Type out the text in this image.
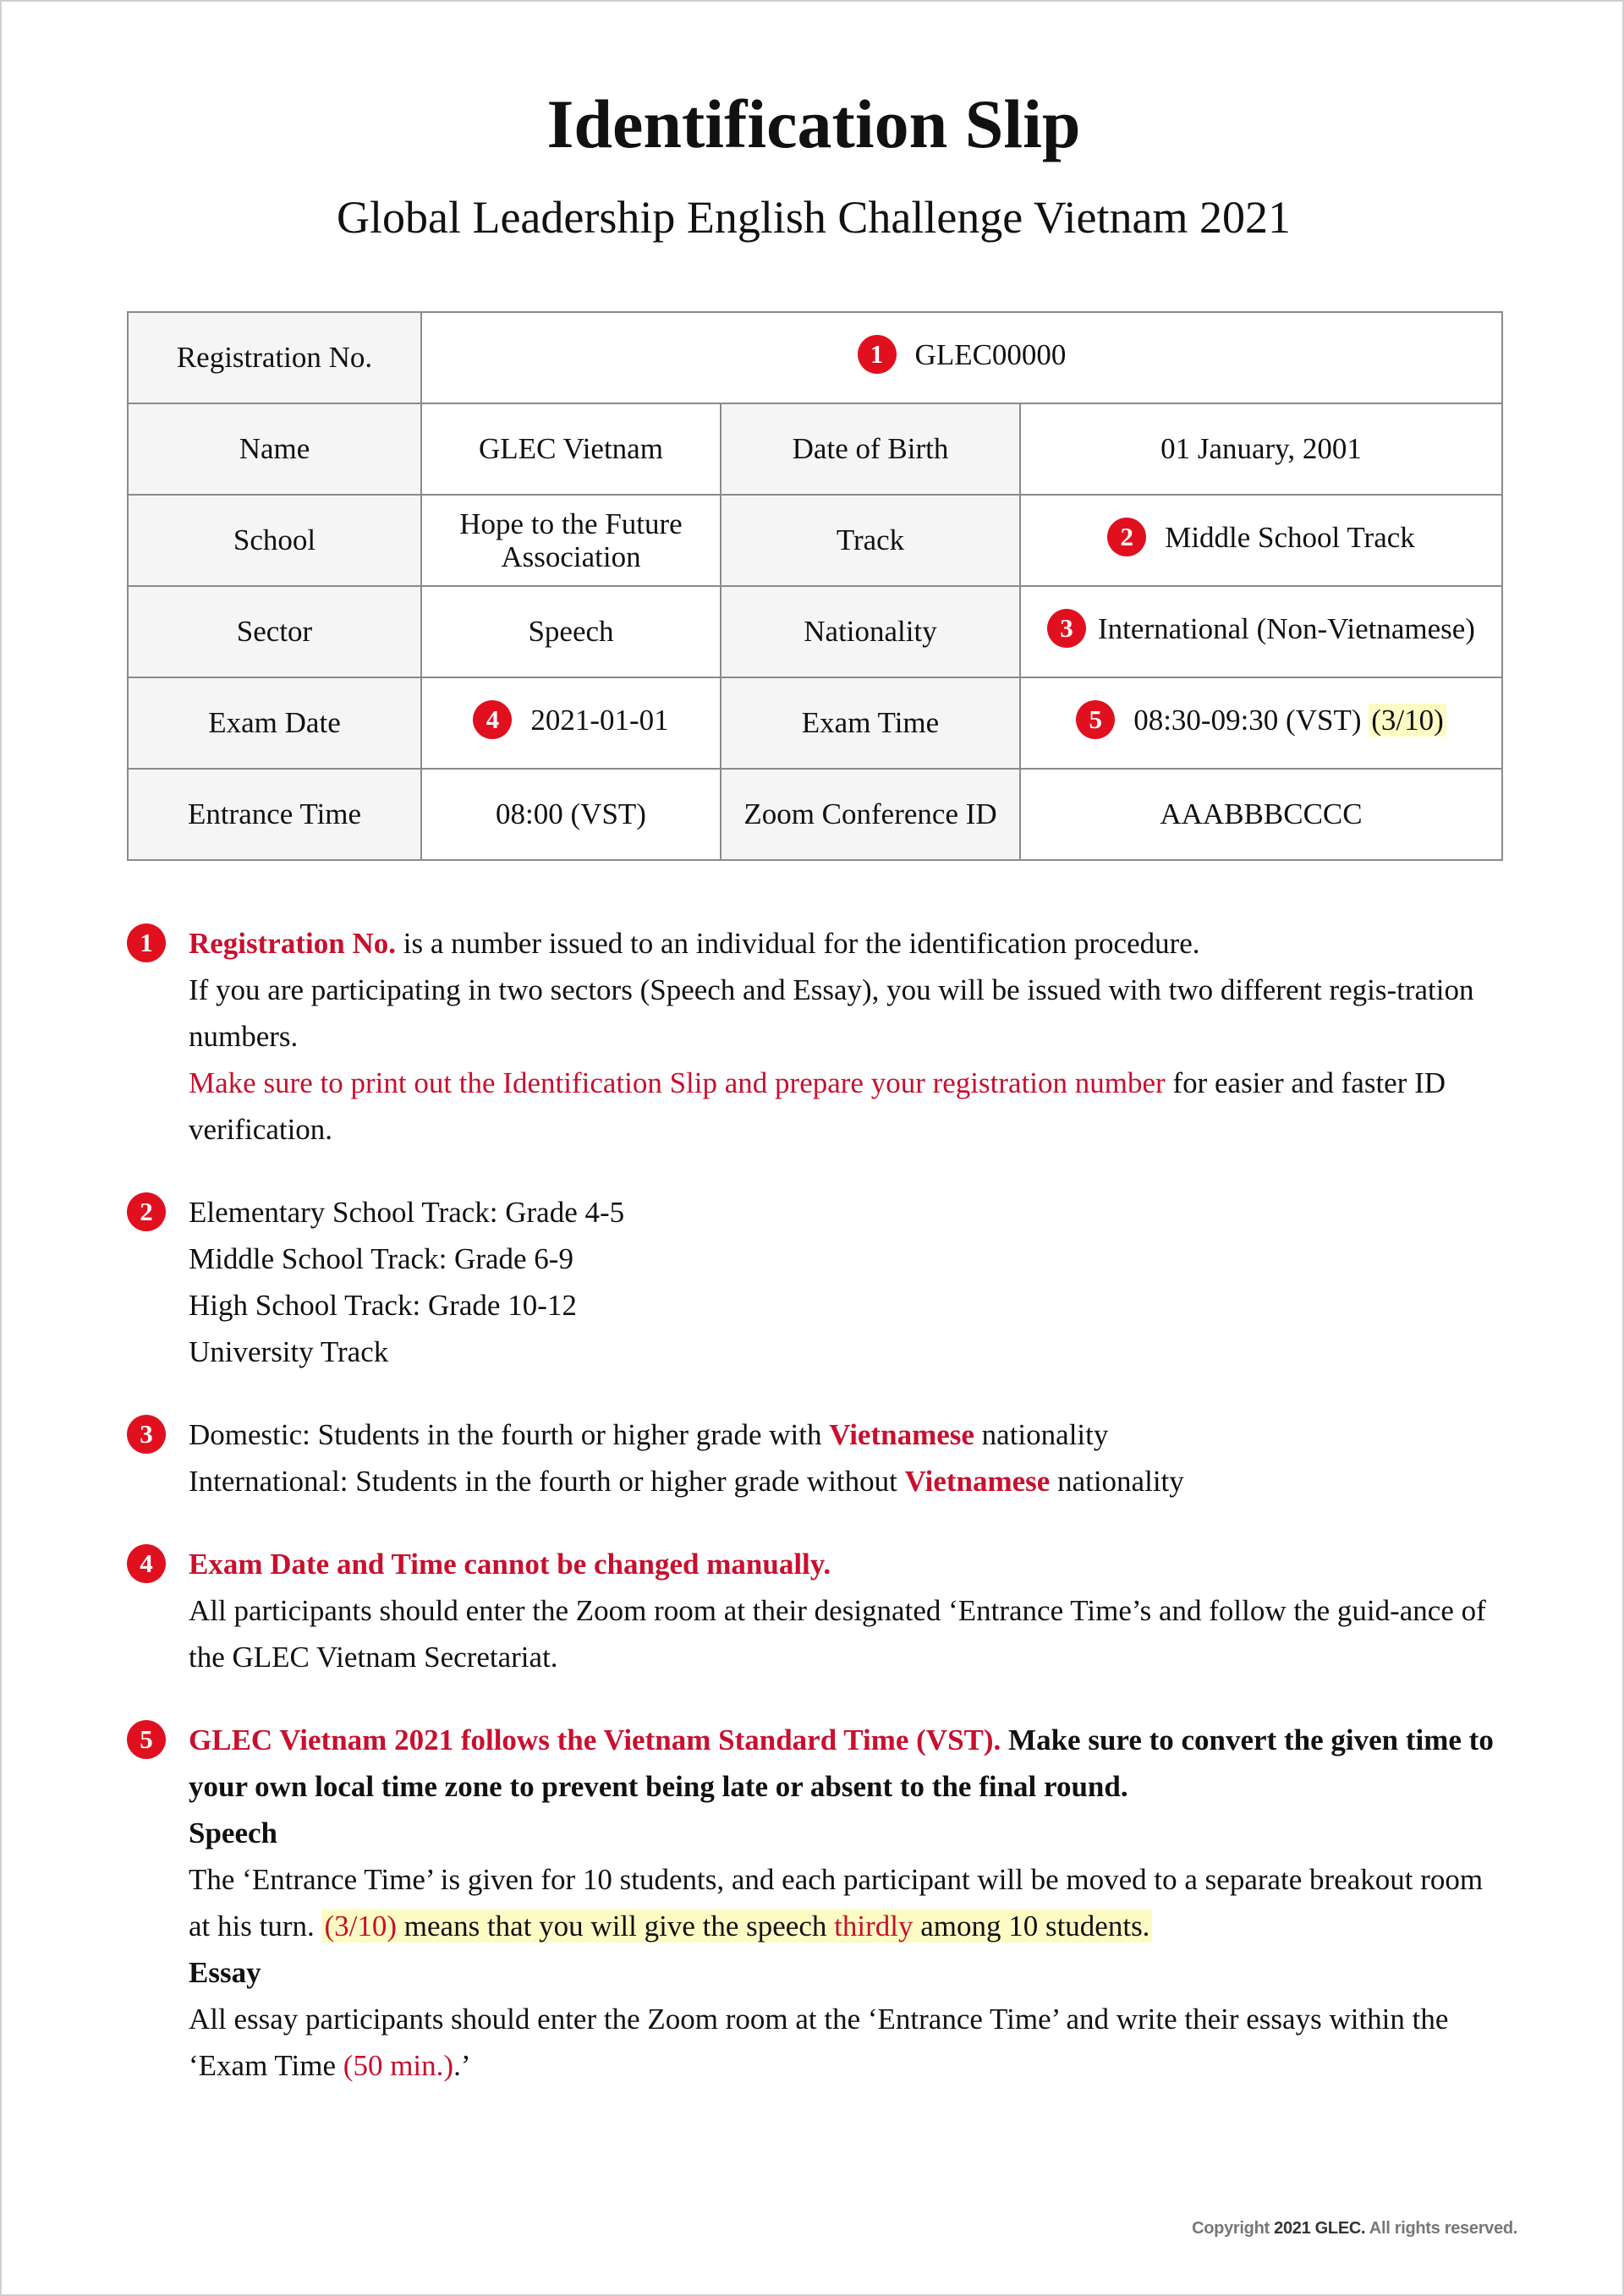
Identification Slip
Global Leadership English Challenge Vietnam 2021
Registration No.	1 GLEC00000		
Name	GLEC Vietnam	Date of Birth	01 January, 2001
School	Hope to the Future Association	Track	2 Middle School Track
Sector	Speech	Nationality	3 International (Non-Vietnamese)
Exam Date	4 2021-01-01	Exam Time	5 08:30-09:30 (VST) (3/10)
Entrance Time	08:00 (VST)	Zoom Conference ID	AAABBBCCCC
1	Registration No. is a number issued to an individual for the identification procedure.

If you are participating in two sectors (Speech and Essay), you will be issued with two different regis-tration numbers.

Make sure to print out the Identification Slip and prepare your registration number for easier and faster ID verification.

2	Elementary School Track: Grade 4-5

Middle School Track: Grade 6-9

High School Track: Grade 10-12

University Track

3	Domestic: Students in the fourth or higher grade with Vietnamese nationality

International: Students in the fourth or higher grade without Vietnamese nationality

4	Exam Date and Time cannot be changed manually.

All participants should enter the Zoom room at their designated ‘Entrance Time’s and follow the guid-ance of the GLEC Vietnam Secretariat.

5	GLEC Vietnam 2021 follows the Vietnam Standard Time (VST). Make sure to convert the given time to your own local time zone to prevent being late or absent to the final round.

Speech

The ‘Entrance Time’ is given for 10 students, and each participant will be moved to a separate breakout room at his turn. (3/10) means that you will give the speech thirdly among 10 students.

Essay

All essay participants should enter the Zoom room at the ‘Entrance Time’ and write their essays within the ‘Exam Time (50 min.).’

Copyright 2021 GLEC. All rights reserved.
